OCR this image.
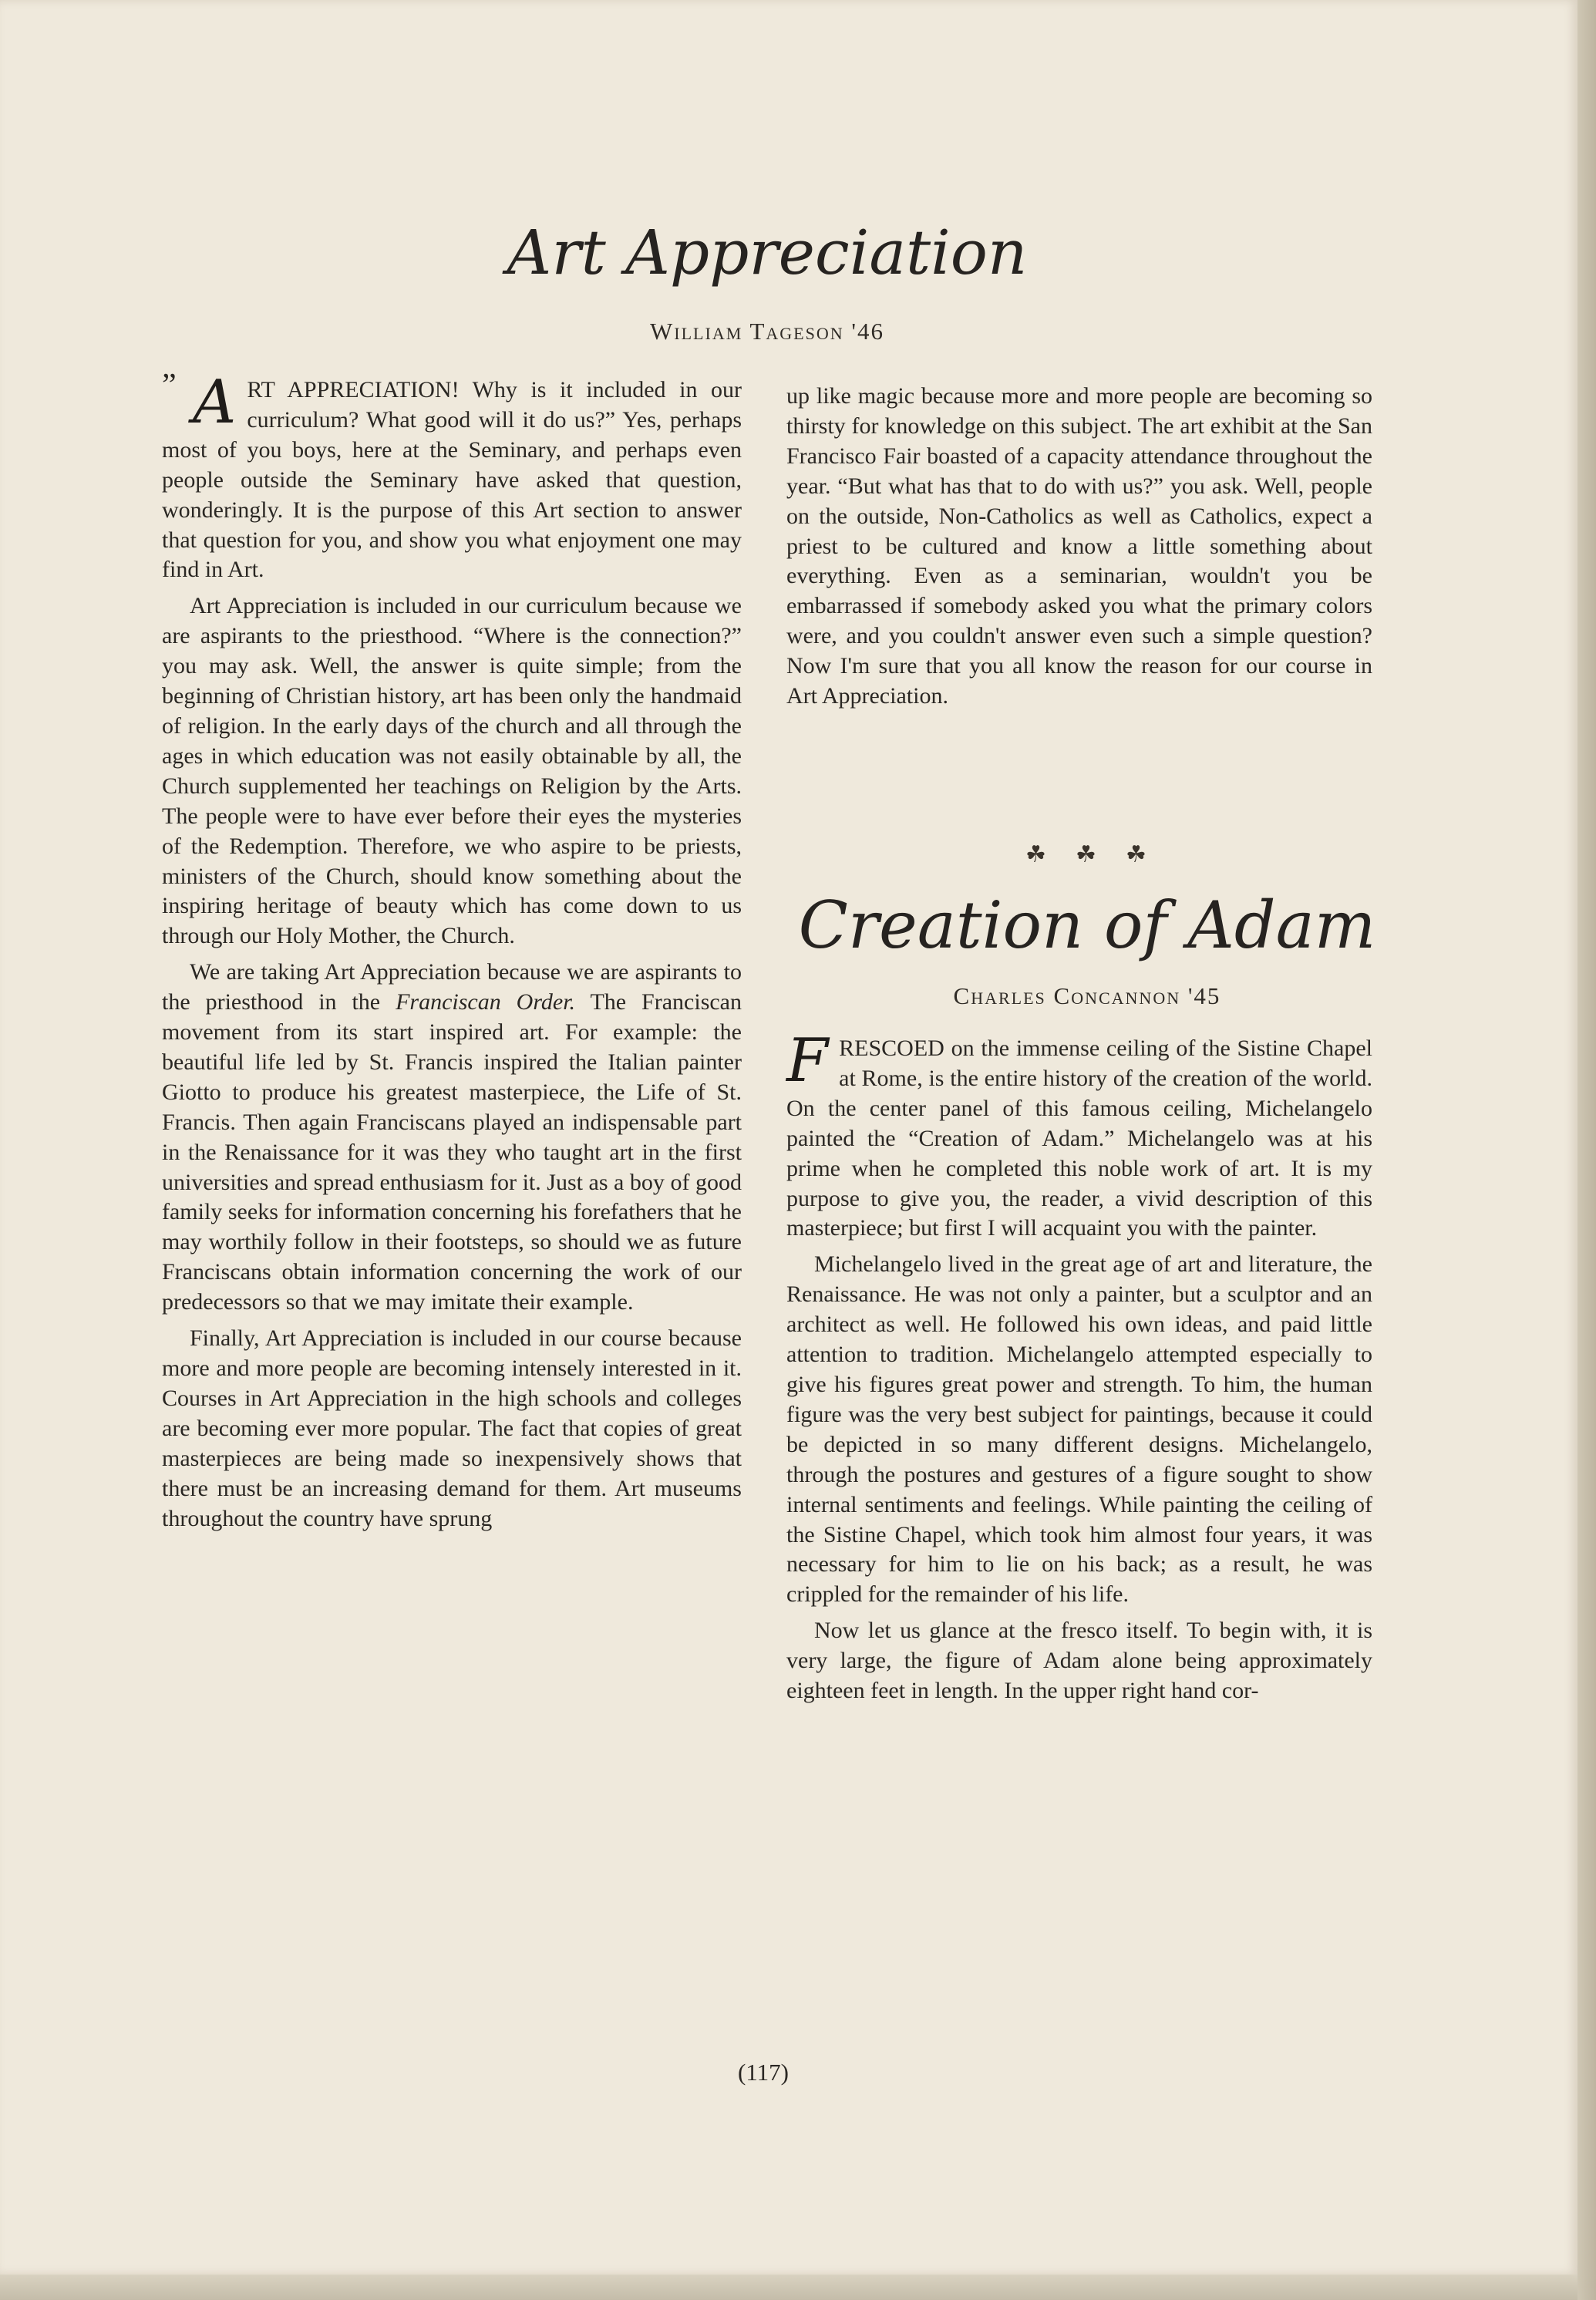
Art Appreciation
William Tageson '46
” ART APPRECIATION! Why is it included in our curriculum? What good will it do us?” Yes, perhaps most of you boys, here at the Seminary, and perhaps even people outside the Seminary have asked that question, wonderingly. It is the purpose of this Art section to answer that question for you, and show you what enjoyment one may find in Art.

Art Appreciation is included in our curriculum because we are aspirants to the priesthood. “Where is the connection?” you may ask. Well, the answer is quite simple; from the beginning of Christian history, art has been only the handmaid of religion. In the early days of the church and all through the ages in which education was not easily obtainable by all, the Church supplemented her teachings on Religion by the Arts. The people were to have ever before their eyes the mysteries of the Redemption. Therefore, we who aspire to be priests, ministers of the Church, should know something about the inspiring heritage of beauty which has come down to us through our Holy Mother, the Church.

We are taking Art Appreciation because we are aspirants to the priesthood in the Franciscan Order. The Franciscan movement from its start inspired art. For example: the beautiful life led by St. Francis inspired the Italian painter Giotto to produce his greatest masterpiece, the Life of St. Francis. Then again Franciscans played an indispensable part in the Renaissance for it was they who taught art in the first universities and spread enthusiasm for it. Just as a boy of good family seeks for information concerning his forefathers that he may worthily follow in their footsteps, so should we as future Franciscans obtain information concerning the work of our predecessors so that we may imitate their example.

Finally, Art Appreciation is included in our course because more and more people are becoming intensely interested in it. Courses in Art Appreciation in the high schools and colleges are becoming ever more popular. The fact that copies of great masterpieces are being made so inexpensively shows that there must be an increasing demand for them. Art museums throughout the country have sprung

up like magic because more and more people are becoming so thirsty for knowledge on this subject. The art exhibit at the San Francisco Fair boasted of a capacity attendance throughout the year. “But what has that to do with us?” you ask. Well, people on the outside, Non-Catholics as well as Catholics, expect a priest to be cultured and know a little something about everything. Even as a seminarian, wouldn't you be embarrassed if somebody asked you what the primary colors were, and you couldn't answer even such a simple question? Now I'm sure that you all know the reason for our course in Art Appreciation.

☘ ☘ ☘
Creation of Adam
Charles Concannon '45

FRESCOED on the immense ceiling of the Sistine Chapel at Rome, is the entire history of the creation of the world. On the center panel of this famous ceiling, Michelangelo painted the “Creation of Adam.” Michelangelo was at his prime when he completed this noble work of art. It is my purpose to give you, the reader, a vivid description of this masterpiece; but first I will acquaint you with the painter.

Michelangelo lived in the great age of art and literature, the Renaissance. He was not only a painter, but a sculptor and an architect as well. He followed his own ideas, and paid little attention to tradition. Michelangelo attempted especially to give his figures great power and strength. To him, the human figure was the very best subject for paintings, because it could be depicted in so many different designs. Michelangelo, through the postures and gestures of a figure sought to show internal sentiments and feelings. While painting the ceiling of the Sistine Chapel, which took him almost four years, it was necessary for him to lie on his back; as a result, he was crippled for the remainder of his life.

Now let us glance at the fresco itself. To begin with, it is very large, the figure of Adam alone being approximately eighteen feet in length. In the upper right hand cor-

(117)
